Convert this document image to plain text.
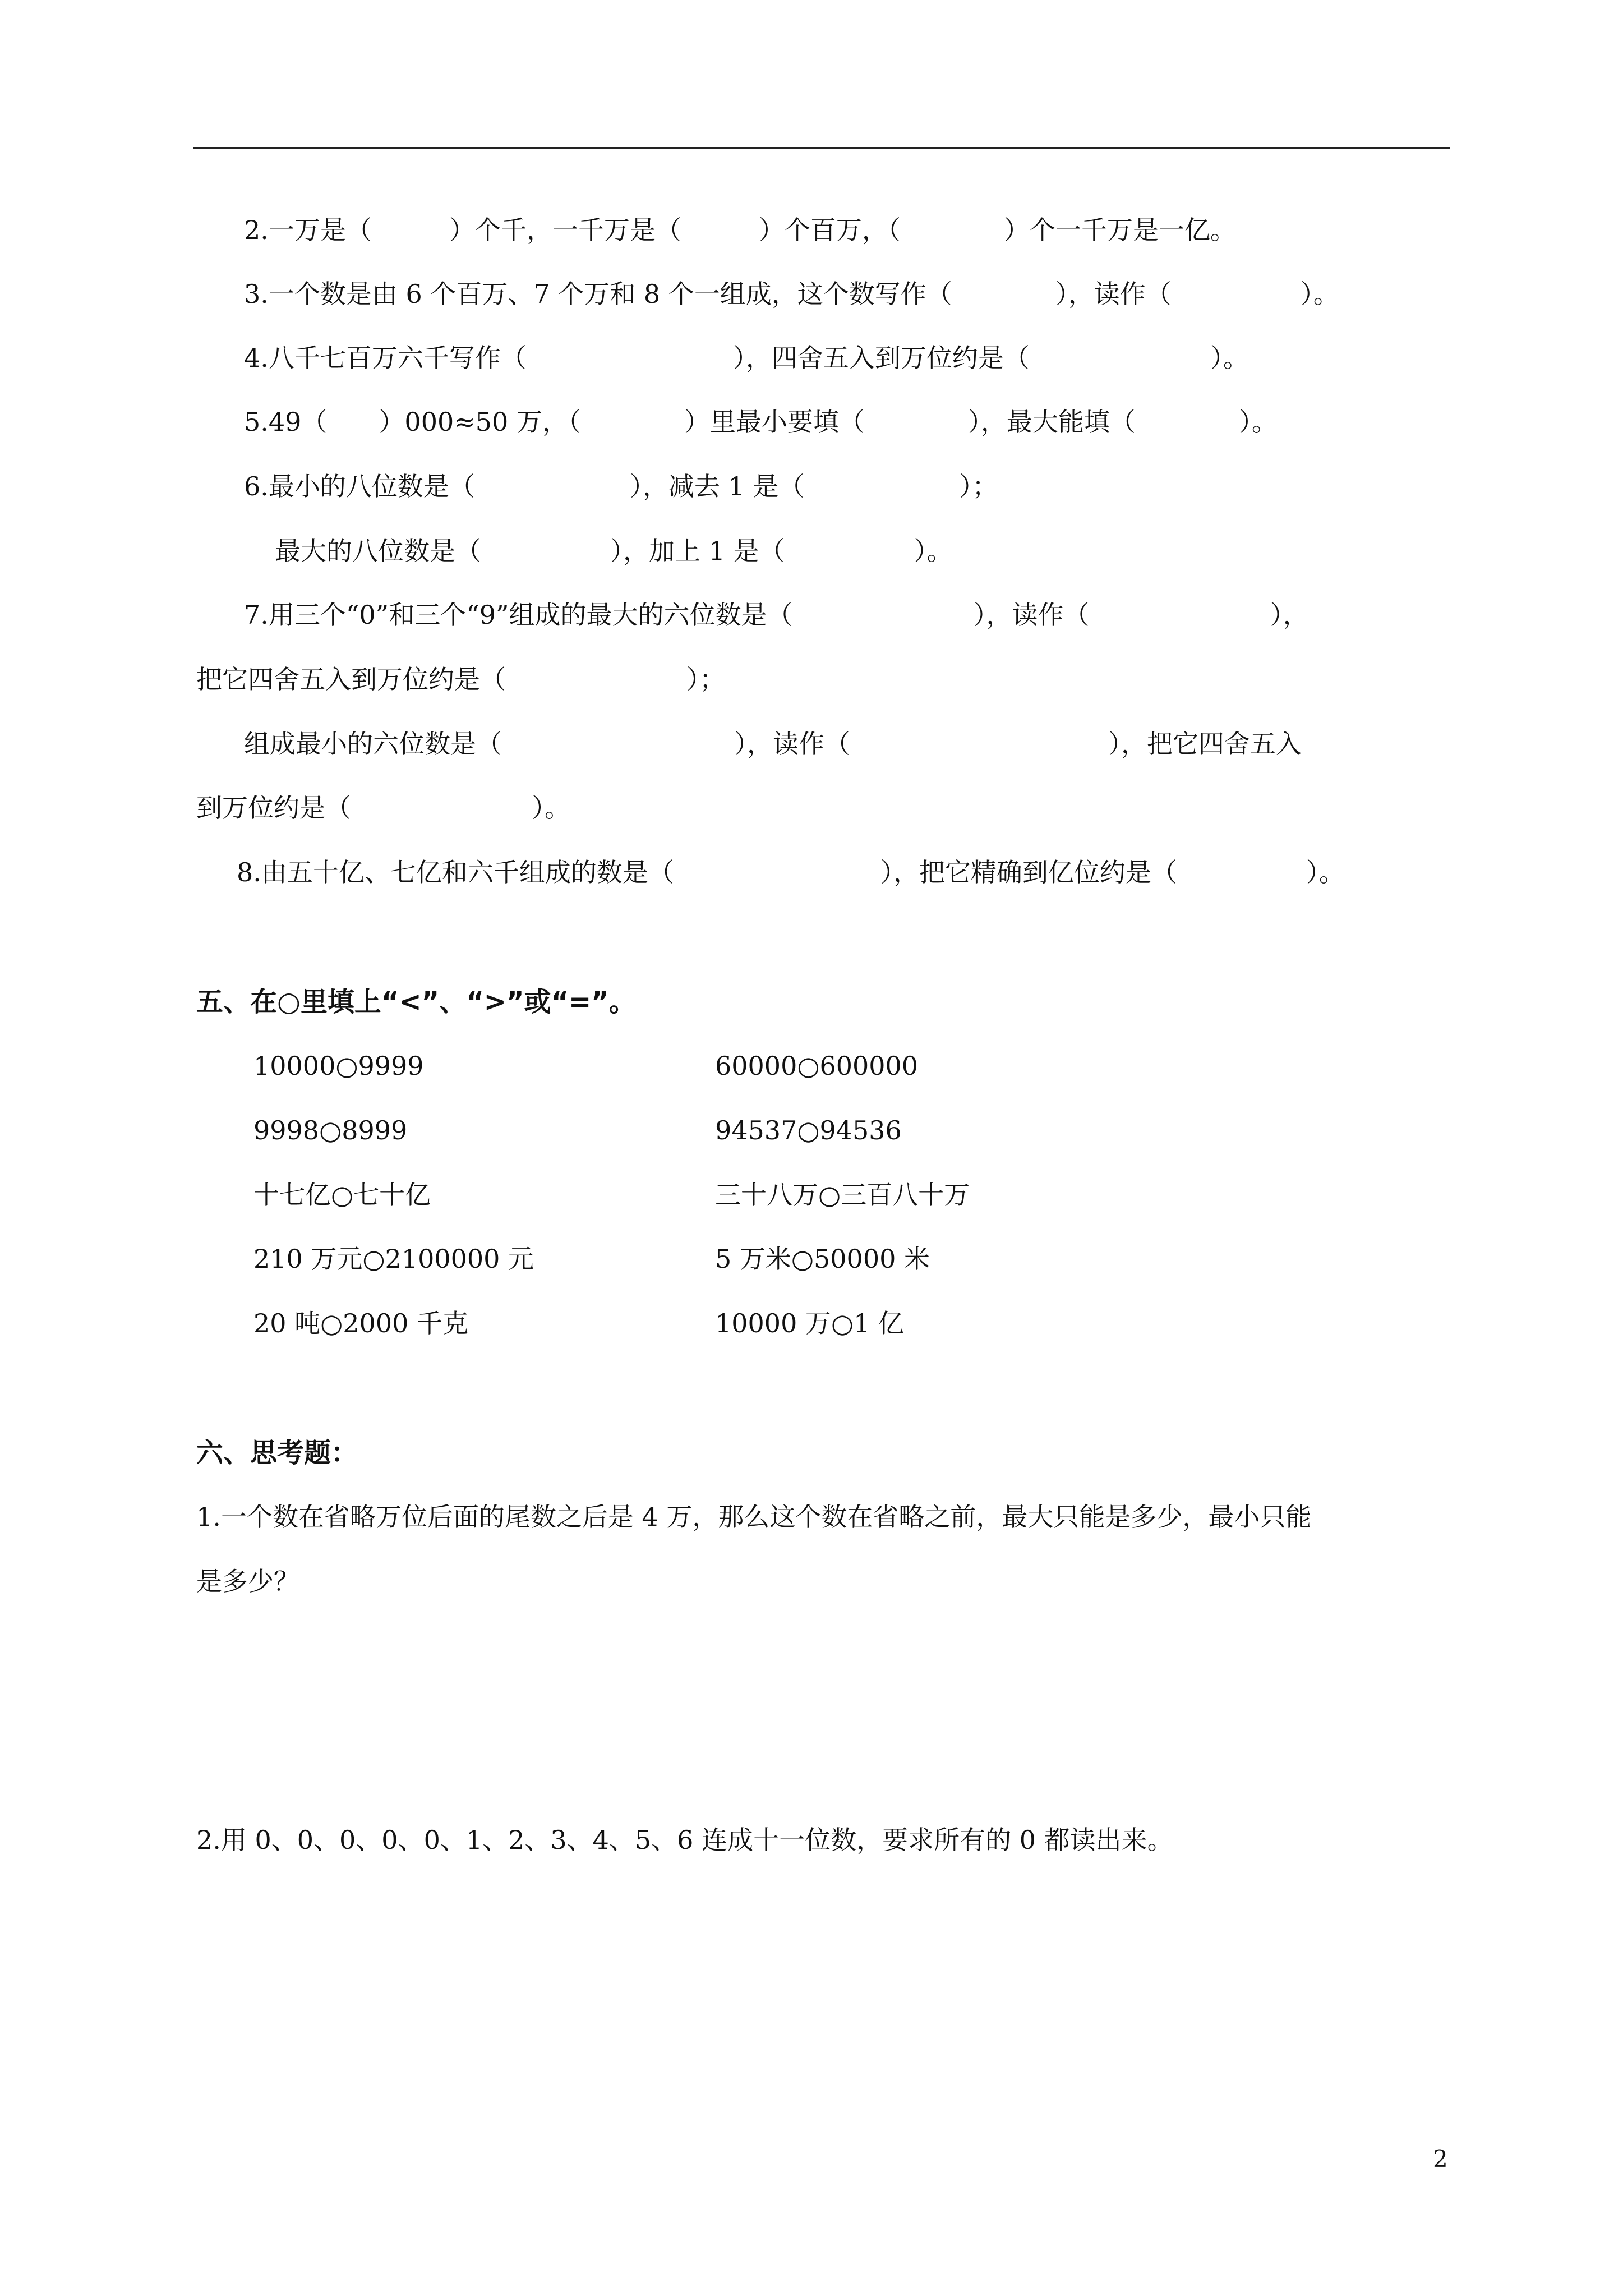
2.一万是（　　　）个千，一千万是（　　　）个百万，（　　　　）个一千万是一亿。
3.一个数是由 6 个百万、7 个万和 8 个一组成，这个数写作（　　　　），读作（　　　　　）。
4.八千七百万六千写作（　　　　　　　　），四舍五入到万位约是（　　　　　　　）。
5.49（　　）000≈50 万，（　　　　）里最小要填（　　　　），最大能填（　　　　）。
6.最小的八位数是（　　　　　　），减去 1 是（　　　　　　）；
最大的八位数是（　　　　　），加上 1 是（　　　　　）。
7.用三个“0”和三个“9”组成的最大的六位数是（　　　　　　　），读作（　　　　　　　），
把它四舍五入到万位约是（　　　　　　　）；
组成最小的六位数是（　　　　　　　　　），读作（　　　　　　　　　　），把它四舍五入
到万位约是（　　　　　　　）。
8.由五十亿、七亿和六千组成的数是（　　　　　　　　），把它精确到亿位约是（　　　　　）。
五、在○里填上“<”、“>”或“=”。
10000○9999	60000○600000
9998○8999	94537○94536
十七亿○七十亿	三十八万○三百八十万
210 万元○2100000 元	5 万米○50000 米
20 吨○2000 千克	10000 万○1 亿
六、思考题：
1.一个数在省略万位后面的尾数之后是 4 万，那么这个数在省略之前，最大只能是多少，最小只能
是多少？
2.用 0、0、0、0、0、1、2、3、4、5、6 连成十一位数，要求所有的 0 都读出来。
2
